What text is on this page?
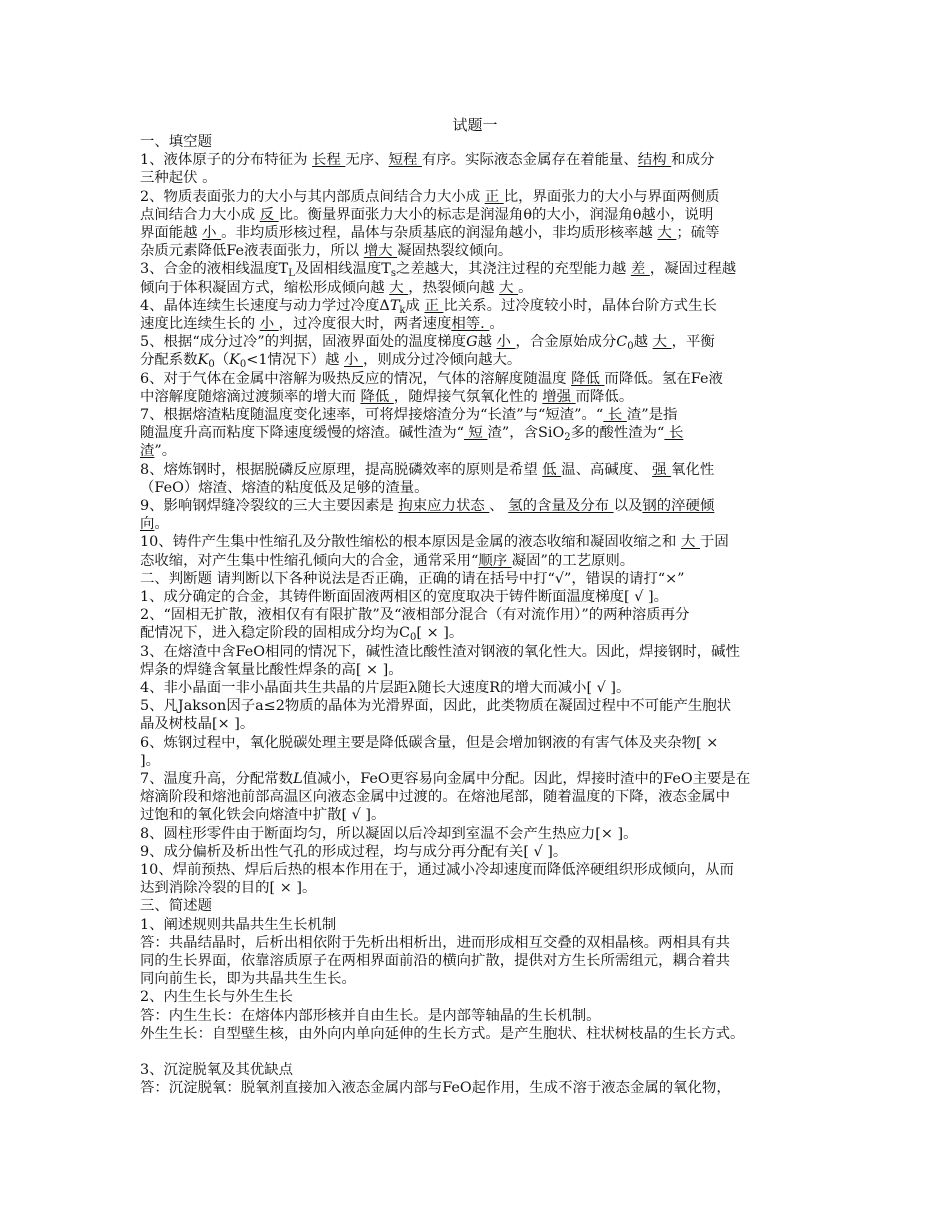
试题一
一、填空题
1、液体原子的分布特征为 长程 无序、短程 有序。实际液态金属存在着能量、结构 和成分
三种起伏 。
2、物质表面张力的大小与其内部质点间结合力大小成 正 比，界面张力的大小与界面两侧质
点间结合力大小成 反 比。衡量界面张力大小的标志是润湿角θ的大小，润湿角θ越小，说明
界面能越 小 。非均质形核过程，晶体与杂质基底的润湿角越小，非均质形核率越 大 ；硫等
杂质元素降低Fe液表面张力，所以 增大 凝固热裂纹倾向。
3、合金的液相线温度$T_L$及固相线温度$T_s$之差越大，其浇注过程的充型能力越 差 ，凝固过程越
倾向于体积凝固方式，缩松形成倾向越 大 ，热裂倾向越 大 。
4、晶体连续生长速度与动力学过冷度$\Delta T_k$成 正 比关系。过冷度较小时，晶体台阶方式生长
速度比连续生长的 小 ，过冷度很大时，两者速度相等. 。
5、根据“成分过冷”的判据，固液界面处的温度梯度G越 小 ，合金原始成分$C_0$越 大 ，平衡
分配系数$K_0(K_0<1$情况下）越 小 ，则成分过冷倾向越大。
6、对于气体在金属中溶解为吸热反应的情况，气体的溶解度随温度 降低 而降低。氢在Fe液
中溶解度随熔滴过渡频率的增大而 降低 ，随焊接气氛氧化性的 增强 而降低。
7、根据熔渣粘度随温度变化速率，可将焊接熔渣分为“长渣”与“短渣”。“ 长 渣”是指
随温度升高而粘度下降速度缓慢的熔渣。碱性渣为“ 短 渣”，含SiO$_2$多的酸性渣为“ 长
渣”。
8、熔炼钢时，根据脱磷反应原理，提高脱磷效率的原则是希望 低 温、高碱度、 强 氧化性
（FeO）熔渣、熔渣的粘度低及足够的渣量。
9、影响钢焊缝冷裂纹的三大主要因素是 拘束应力状态 、 氢的含量及分布 以及钢的淬硬倾
向。
10、铸件产生集中性缩孔及分散性缩松的根本原因是金属的液态收缩和凝固收缩之和 大 于固
态收缩，对产生集中性缩孔倾向大的合金，通常采用“顺序 凝固”的工艺原则。
二、判断题 请判断以下各种说法是否正确，正确的请在括号中打“√”，错误的请打“×”
1、成分确定的合金，其铸件断面固液两相区的宽度取决于铸件断面温度梯度[ √ ]。
2、“固相无扩散，液相仅有有限扩散”及“液相部分混合（有对流作用）”的两种溶质再分
配情况下，进入稳定阶段的固相成分均为$C_0$[ × ]。
3、在熔渣中含FeO相同的情况下，碱性渣比酸性渣对钢液的氧化性大。因此，焊接钢时，碱性
焊条的焊缝含氧量比酸性焊条的高[ × ]。
4、非小晶面一非小晶面共生共晶的片层距λ随长大速度R的增大而减小[ √ ]。
5、凡Jakson因子a≤2物质的晶体为光滑界面，因此，此类物质在凝固过程中不可能产生胞状
晶及树枝晶[× ]。
6、炼钢过程中，氧化脱碳处理主要是降低碳含量，但是会增加钢液的有害气体及夹杂物[ ×
]。
7、温度升高，分配常数L值减小，FeO更容易向金属中分配。因此，焊接时渣中的FeO主要是在
熔滴阶段和熔池前部高温区向液态金属中过渡的。在熔池尾部，随着温度的下降，液态金属中
过饱和的氧化铁会向熔渣中扩散[ √ ]。
8、圆柱形零件由于断面均匀，所以凝固以后冷却到室温不会产生热应力[× ]。
9、成分偏析及析出性气孔的形成过程，均与成分再分配有关[ √ ]。
10、焊前预热、焊后后热的根本作用在于，通过减小冷却速度而降低淬硬组织形成倾向，从而
达到消除冷裂的目的[ × ]。
三、简述题
1、阐述规则共晶共生生长机制
答：共晶结晶时，后析出相依附于先析出相析出，进而形成相互交叠的双相晶核。两相具有共
同的生长界面，依靠溶质原子在两相界面前沿的横向扩散，提供对方生长所需组元，耦合着共
同向前生长，即为共晶共生生长。
2、内生生长与外生生长
答：内生生长：在熔体内部形核并自由生长。是内部等轴晶的生长机制。
外生生长：自型壁生核，由外向内单向延伸的生长方式。是产生胞状、柱状树枝晶的生长方式。
3、沉淀脱氧及其优缺点
答：沉淀脱氧：脱氧剂直接加入液态金属内部与FeO起作用，生成不溶于液态金属的氧化物，
